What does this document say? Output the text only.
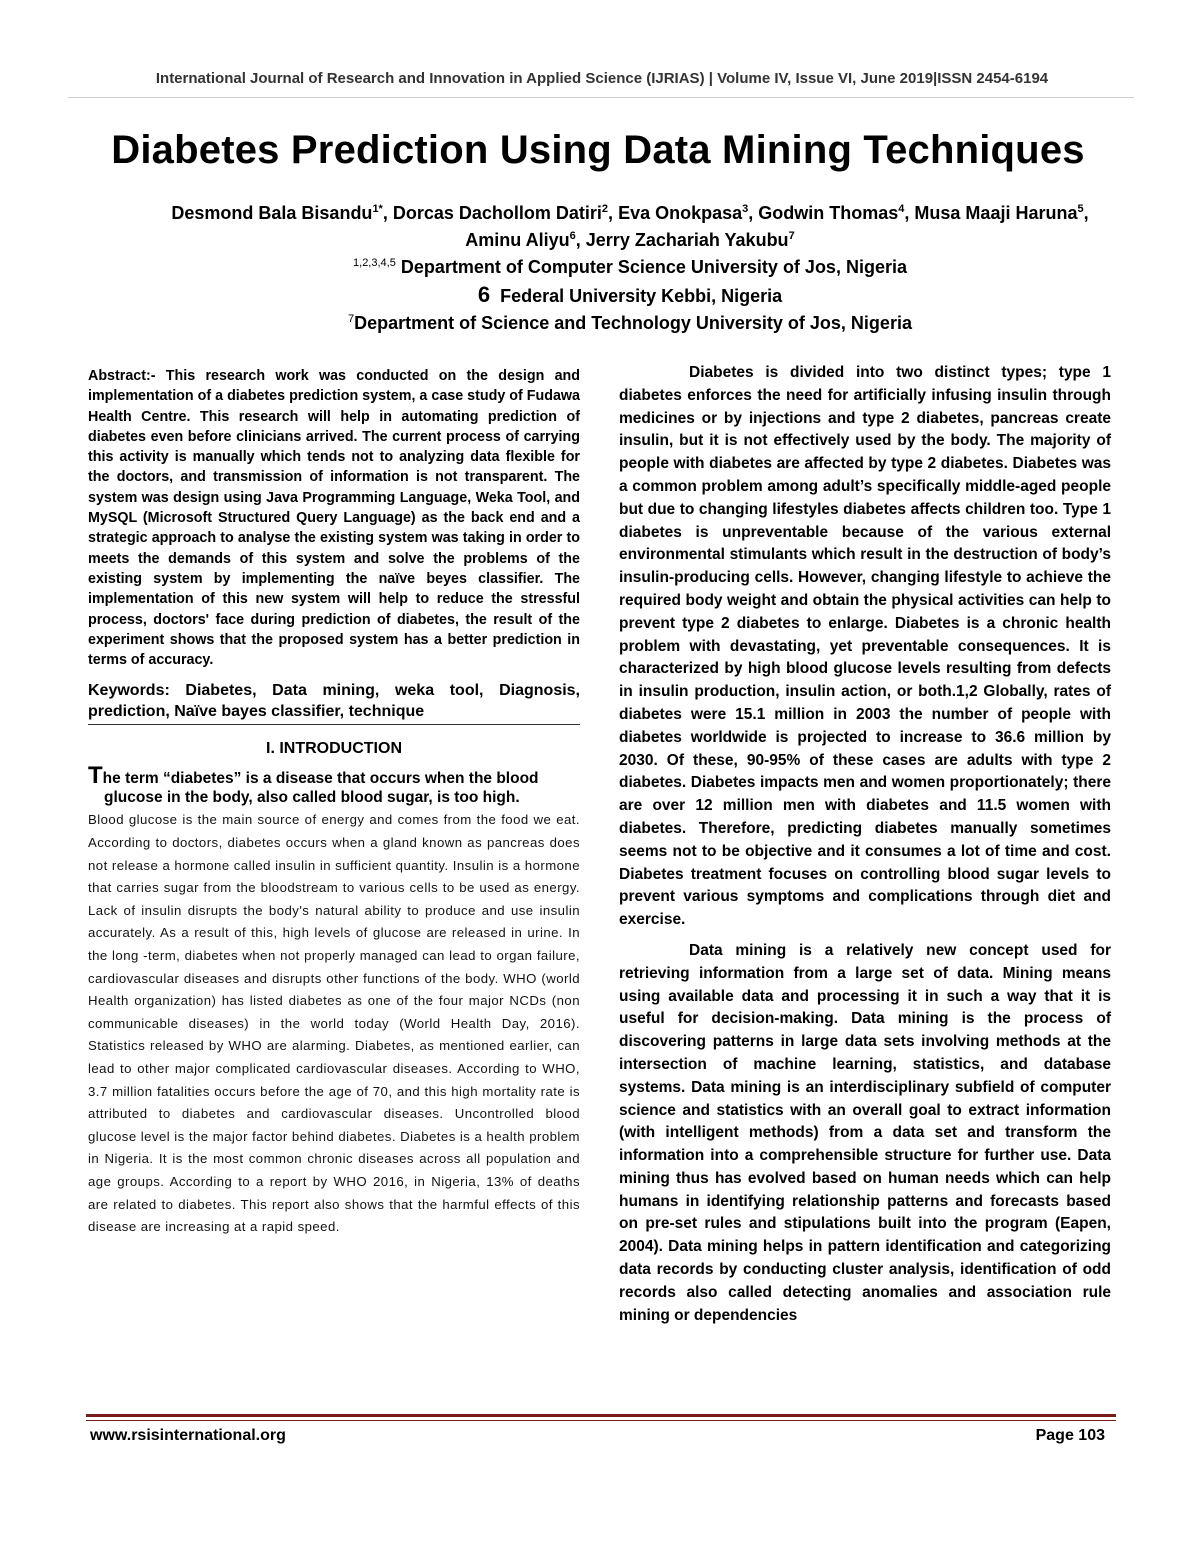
International Journal of Research and Innovation in Applied Science (IJRIAS) | Volume IV, Issue VI, June 2019|ISSN 2454-6194
Diabetes Prediction Using Data Mining Techniques
Desmond Bala Bisandu$^{1*}$, Dorcas Dachollom Datiri$^2$, Eva Onokpasa$^3$, Godwin Thomas$^4$, Musa Maaji Haruna$^5$, Aminu Aliyu$^6$, Jerry Zachariah Yakubu$^7$
$^{1,2,3,4,5}$ Department of Computer Science University of Jos, Nigeria
6 Federal University Kebbi, Nigeria
$^7$Department of Science and Technology University of Jos, Nigeria

Abstract:- This research work was conducted on the design and implementation of a diabetes prediction system, a case study of Fudawa Health Centre. This research will help in automating prediction of diabetes even before clinicians arrived. The current process of carrying this activity is manually which tends not to analyzing data flexible for the doctors, and transmission of information is not transparent. The system was design using Java Programming Language, Weka Tool, and MySQL (Microsoft Structured Query Language) as the back end and a strategic approach to analyse the existing system was taking in order to meets the demands of this system and solve the problems of the existing system by implementing the naïve beyes classifier. The implementation of this new system will help to reduce the stressful process, doctors' face during prediction of diabetes, the result of the experiment shows that the proposed system has a better prediction in terms of accuracy.

Keywords: Diabetes, Data mining, weka tool, Diagnosis, prediction, Naïve bayes classifier, technique

I. INTRODUCTION

The term “diabetes” is a disease that occurs when the blood
glucose in the body, also called blood sugar, is too high.

Blood glucose is the main source of energy and comes from the food we eat. According to doctors, diabetes occurs when a gland known as pancreas does not release a hormone called insulin in sufficient quantity. Insulin is a hormone that carries sugar from the bloodstream to various cells to be used as energy. Lack of insulin disrupts the body's natural ability to produce and use insulin accurately. As a result of this, high levels of glucose are released in urine. In the long -term, diabetes when not properly managed can lead to organ failure, cardiovascular diseases and disrupts other functions of the body. WHO (world Health organization) has listed diabetes as one of the four major NCDs (non communicable diseases) in the world today (World Health Day, 2016). Statistics released by WHO are alarming. Diabetes, as mentioned earlier, can lead to other major complicated cardiovascular diseases. According to WHO, 3.7 million fatalities occurs before the age of 70, and this high mortality rate is attributed to diabetes and cardiovascular diseases. Uncontrolled blood glucose level is the major factor behind diabetes. Diabetes is a health problem in Nigeria. It is the most common chronic diseases across all population and age groups. According to a report by WHO 2016, in Nigeria, 13% of deaths are related to diabetes. This report also shows that the harmful effects of this disease are increasing at a rapid speed.

Diabetes is divided into two distinct types; type 1 diabetes enforces the need for artificially infusing insulin through medicines or by injections and type 2 diabetes, pancreas create insulin, but it is not effectively used by the body. The majority of people with diabetes are affected by type 2 diabetes. Diabetes was a common problem among adult’s specifically middle-aged people but due to changing lifestyles diabetes affects children too. Type 1 diabetes is unpreventable because of the various external environmental stimulants which result in the destruction of body’s insulin-producing cells. However, changing lifestyle to achieve the required body weight and obtain the physical activities can help to prevent type 2 diabetes to enlarge. Diabetes is a chronic health problem with devastating, yet preventable consequences. It is characterized by high blood glucose levels resulting from defects in insulin production, insulin action, or both.1,2 Globally, rates of diabetes were 15.1 million in 2003 the number of people with diabetes worldwide is projected to increase to 36.6 million by 2030. Of these, 90-95% of these cases are adults with type 2 diabetes. Diabetes impacts men and women proportionately; there are over 12 million men with diabetes and 11.5 women with diabetes. Therefore, predicting diabetes manually sometimes seems not to be objective and it consumes a lot of time and cost. Diabetes treatment focuses on controlling blood sugar levels to prevent various symptoms and complications through diet and exercise.

Data mining is a relatively new concept used for retrieving information from a large set of data. Mining means using available data and processing it in such a way that it is useful for decision-making. Data mining is the process of discovering patterns in large data sets involving methods at the intersection of machine learning, statistics, and database systems. Data mining is an interdisciplinary subfield of computer science and statistics with an overall goal to extract information (with intelligent methods) from a data set and transform the information into a comprehensible structure for further use. Data mining thus has evolved based on human needs which can help humans in identifying relationship patterns and forecasts based on pre-set rules and stipulations built into the program (Eapen, 2004). Data mining helps in pattern identification and categorizing data records by conducting cluster analysis, identification of odd records also called detecting anomalies and association rule mining or dependencies

www.rsisinternational.org	Page 103
